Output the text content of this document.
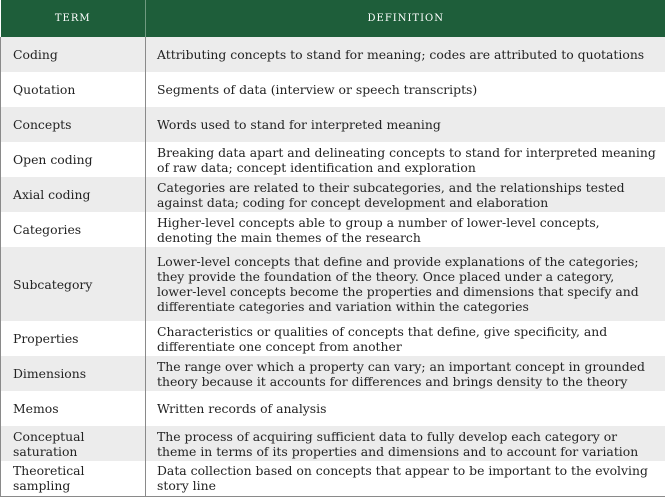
TERM	DEFINITION
Coding	Attributing concepts to stand for meaning; codes are attributed to quotations
Quotation	Segments of data (interview or speech transcripts)
Concepts	Words used to stand for interpreted meaning
Open coding	Breaking data apart and delineating concepts to stand for interpreted meaning of raw data; concept identification and exploration
Axial coding	Categories are related to their subcategories, and the relationships tested against data; coding for concept development and elaboration
Categories	Higher-level concepts able to group a number of lower-level concepts, denoting the main themes of the research
Subcategory	Lower-level concepts that define and provide explanations of the categories; they provide the foundation of the theory. Once placed under a category, lower-level concepts become the properties and dimensions that specify and differentiate categories and variation within the categories
Properties	Characteristics or qualities of concepts that define, give specificity, and differentiate one concept from another
Dimensions	The range over which a property can vary; an important concept in grounded theory because it accounts for differences and brings density to the theory
Memos	Written records of analysis
Conceptual saturation	The process of acquiring sufficient data to fully develop each category or theme in terms of its properties and dimensions and to account for variation
Theoretical sampling	Data collection based on concepts that appear to be important to the evolving story line
